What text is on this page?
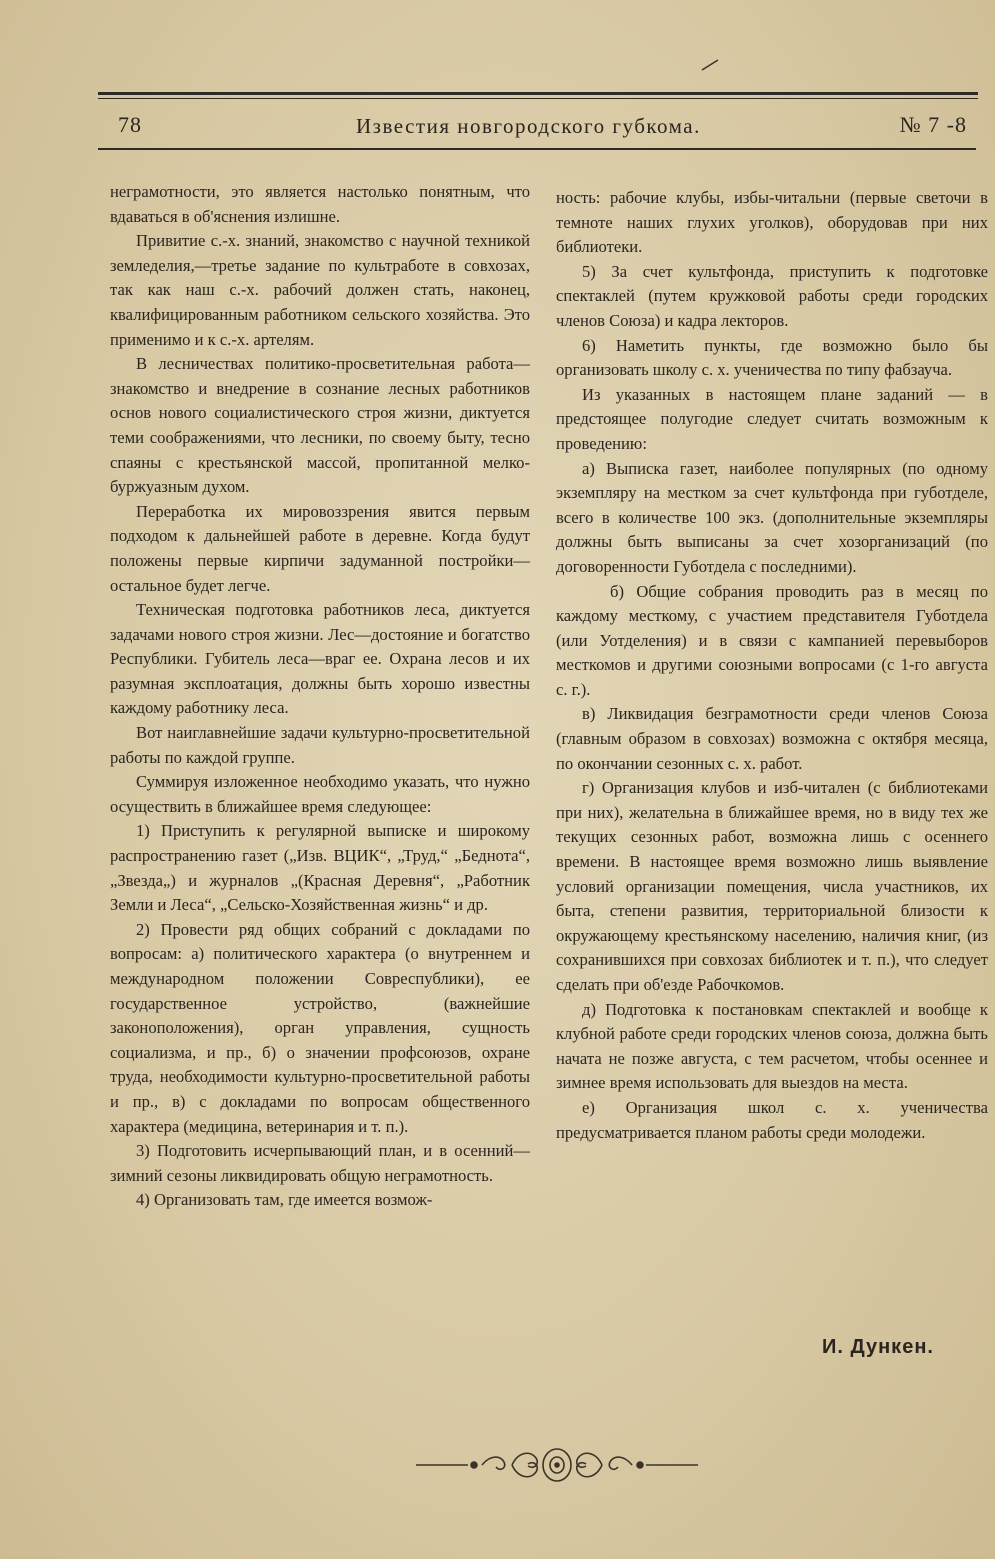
78	Известия новгородского губкома.	№ 7 -8

неграмотности, это является настолько понятным, что вдаваться в об'яснения излишне.

Привитие с.-х. знаний, знакомство с научной техникой земледелия,—третье задание по культработе в совхозах, так как наш с.-х. рабочий должен стать, наконец, квалифицированным работником сельского хозяйства. Это применимо и к с.-х. артелям.

В лесничествах политико-просветительная работа—знакомство и внедрение в сознание лесных работников основ нового социалистического строя жизни, диктуется теми соображениями, что лесники, по своему быту, тесно спаяны с крестьянской массой, пропитанной мелко-буржуазным духом.

Переработка их мировоззрения явится первым подходом к дальнейшей работе в деревне. Когда будут положены первые кирпичи задуманной постройки—остальное будет легче.

Техническая подготовка работников леса, диктуется задачами нового строя жизни. Лес—достояние и богатство Республики. Губитель леса—враг ее. Охрана лесов и их разумная эксплоатация, должны быть хорошо известны каждому работнику леса.

Вот наиглавнейшие задачи культурно-просветительной работы по каждой группе.

Суммируя изложенное необходимо указать, что нужно осуществить в ближайшее время следующее:

1) Приступить к регулярной выписке и широкому распространению газет („Изв. ВЦИК“, „Труд,“ „Беднота“, „Звезда„) и журналов „(Красная Деревня“, „Работник Земли и Леса“, „Сельско-Хозяйственная жизнь“ и др.

2) Провести ряд общих собраний с докладами по вопросам: а) политического характера (о внутреннем и международном положении Совреспублики), ее государственное устройство, (важнейшие законоположения), орган управления, сущность социализма, и пр., б) о значении профсоюзов, охране труда, необходимости культурно-просветительной работы и пр., в) с докладами по вопросам общественного характера (медицина, ветеринария и т. п.).

3) Подготовить исчерпывающий план, и в осенний—зимний сезоны ликвидировать общую неграмотность.

4) Организовать там, где имеется возмож-

ность: рабочие клубы, избы-читальни (первые светочи в темноте наших глухих уголков), оборудовав при них библиотеки.

5) За счет культфонда, приступить к подготовке спектаклей (путем кружковой работы среди городских членов Союза) и кадра лекторов.

6) Наметить пункты, где возможно было бы организовать школу с. х. ученичества по типу фабзауча.

Из указанных в настоящем плане заданий — в предстоящее полугодие следует считать возможным к проведению:

а) Выписка газет, наиболее популярных (по одному экземпляру на местком за счет культфонда при губотделе, всего в количестве 100 экз. (дополнительные экземпляры должны быть выписаны за счет хозорганизаций (по договоренности Губотдела с последними).

б) Общие собрания проводить раз в месяц по каждому месткому, с участием представителя Губотдела (или Уотделения) и в связи с кампанией перевыборов месткомов и другими союзными вопросами (с 1-го августа с. г.).

в) Ликвидация безграмотности среди членов Союза (главным образом в совхозах) возможна с октября месяца, по окончании сезонных с. х. работ.

г) Организация клубов и изб-читален (с библиотеками при них), желательна в ближайшее время, но в виду тех же текущих сезонных работ, возможна лишь с осеннего времени. В настоящее время возможно лишь выявление условий организации помещения, числа участников, их быта, степени развития, территориальной близости к окружающему крестьянскому населению, наличия книг, (из сохранившихся при совхозах библиотек и т. п.), что следует сделать при об'езде Рабочкомов.

д) Подготовка к постановкам спектаклей и вообще к клубной работе среди городских членов союза, должна быть начата не позже августа, с тем расчетом, чтобы осеннее и зимнее время использовать для выездов на места.

е) Организация школ с. х. ученичества предусматривается планом работы среди молодежи.

И. Дункен.
